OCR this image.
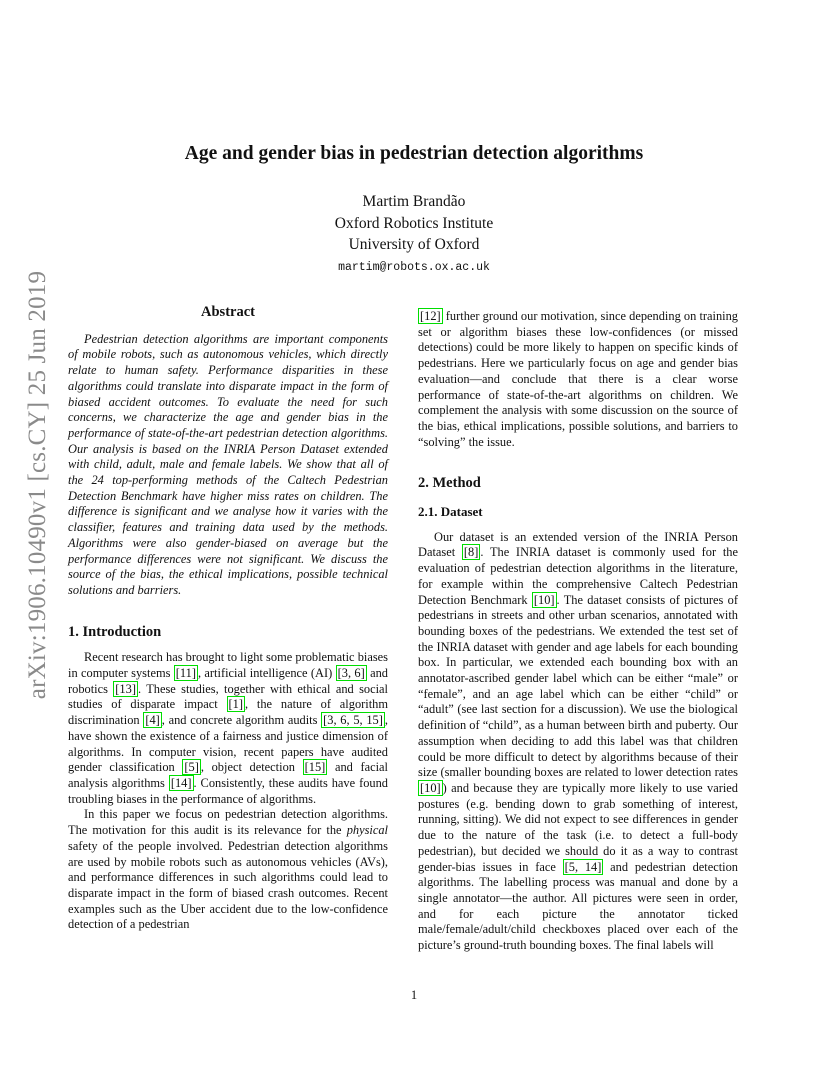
arXiv:1906.10490v1 [cs.CY] 25 Jun 2019
Age and gender bias in pedestrian detection algorithms
Martim Brandão
Oxford Robotics Institute
University of Oxford
martim@robots.ox.ac.uk
Abstract

Pedestrian detection algorithms are important components of mobile robots, such as autonomous vehicles, which directly relate to human safety. Performance disparities in these algorithms could translate into disparate impact in the form of biased accident outcomes. To evaluate the need for such concerns, we characterize the age and gender bias in the performance of state-of-the-art pedestrian detection algorithms. Our analysis is based on the INRIA Person Dataset extended with child, adult, male and female labels. We show that all of the 24 top-performing methods of the Caltech Pedestrian Detection Benchmark have higher miss rates on children. The difference is significant and we analyse how it varies with the classifier, features and training data used by the methods. Algorithms were also gender-biased on average but the performance differences were not significant. We discuss the source of the bias, the ethical implications, possible technical solutions and barriers.

1. Introduction

Recent research has brought to light some problematic biases in computer systems [11] , artificial intelligence (AI) [3, 6] and robotics [13] . These studies, together with ethical and social studies of disparate impact [1] , the nature of algorithm discrimination [4] , and concrete algorithm audits [3, 6, 5, 15] , have shown the existence of a fairness and justice dimension of algorithms. In computer vision, recent papers have audited gender classification [5] , object detection [15] and facial analysis algorithms [14] . Consistently, these audits have found troubling biases in the performance of algorithms.

In this paper we focus on pedestrian detection algorithms. The motivation for this audit is its relevance for the physical safety of the people involved. Pedestrian detection algorithms are used by mobile robots such as autonomous vehicles (AVs), and performance differences in such algorithms could lead to disparate impact in the form of biased crash outcomes. Recent examples such as the Uber accident due to the low-confidence detection of a pedestrian

[12] further ground our motivation, since depending on training set or algorithm biases these low-confidences (or missed detections) could be more likely to happen on specific kinds of pedestrians. Here we particularly focus on age and gender bias evaluation—and conclude that there is a clear worse performance of state-of-the-art algorithms on children. We complement the analysis with some discussion on the source of the bias, ethical implications, possible solutions, and barriers to “solving” the issue.

2. Method
2.1. Dataset

Our dataset is an extended version of the INRIA Person Dataset [8] . The INRIA dataset is commonly used for the evaluation of pedestrian detection algorithms in the literature, for example within the comprehensive Caltech Pedestrian Detection Benchmark [10] . The dataset consists of pictures of pedestrians in streets and other urban scenarios, annotated with bounding boxes of the pedestrians. We extended the test set of the INRIA dataset with gender and age labels for each bounding box. In particular, we extended each bounding box with an annotator-ascribed gender label which can be either “male” or “female”, and an age label which can be either “child” or “adult” (see last section for a discussion). We use the biological definition of “child”, as a human between birth and puberty. Our assumption when deciding to add this label was that children could be more difficult to detect by algorithms because of their size (smaller bounding boxes are related to lower detection rates [10] ) and because they are typically more likely to use varied postures (e.g. bending down to grab something of interest, running, sitting). We did not expect to see differences in gender due to the nature of the task (i.e. to detect a full-body pedestrian), but decided we should do it as a way to contrast gender-bias issues in face [5, 14] and pedestrian detection algorithms. The labelling process was manual and done by a single annotator—the author. All pictures were seen in order, and for each picture the annotator ticked male/female/adult/child checkboxes placed over each of the picture’s ground-truth bounding boxes. The final labels will

1
